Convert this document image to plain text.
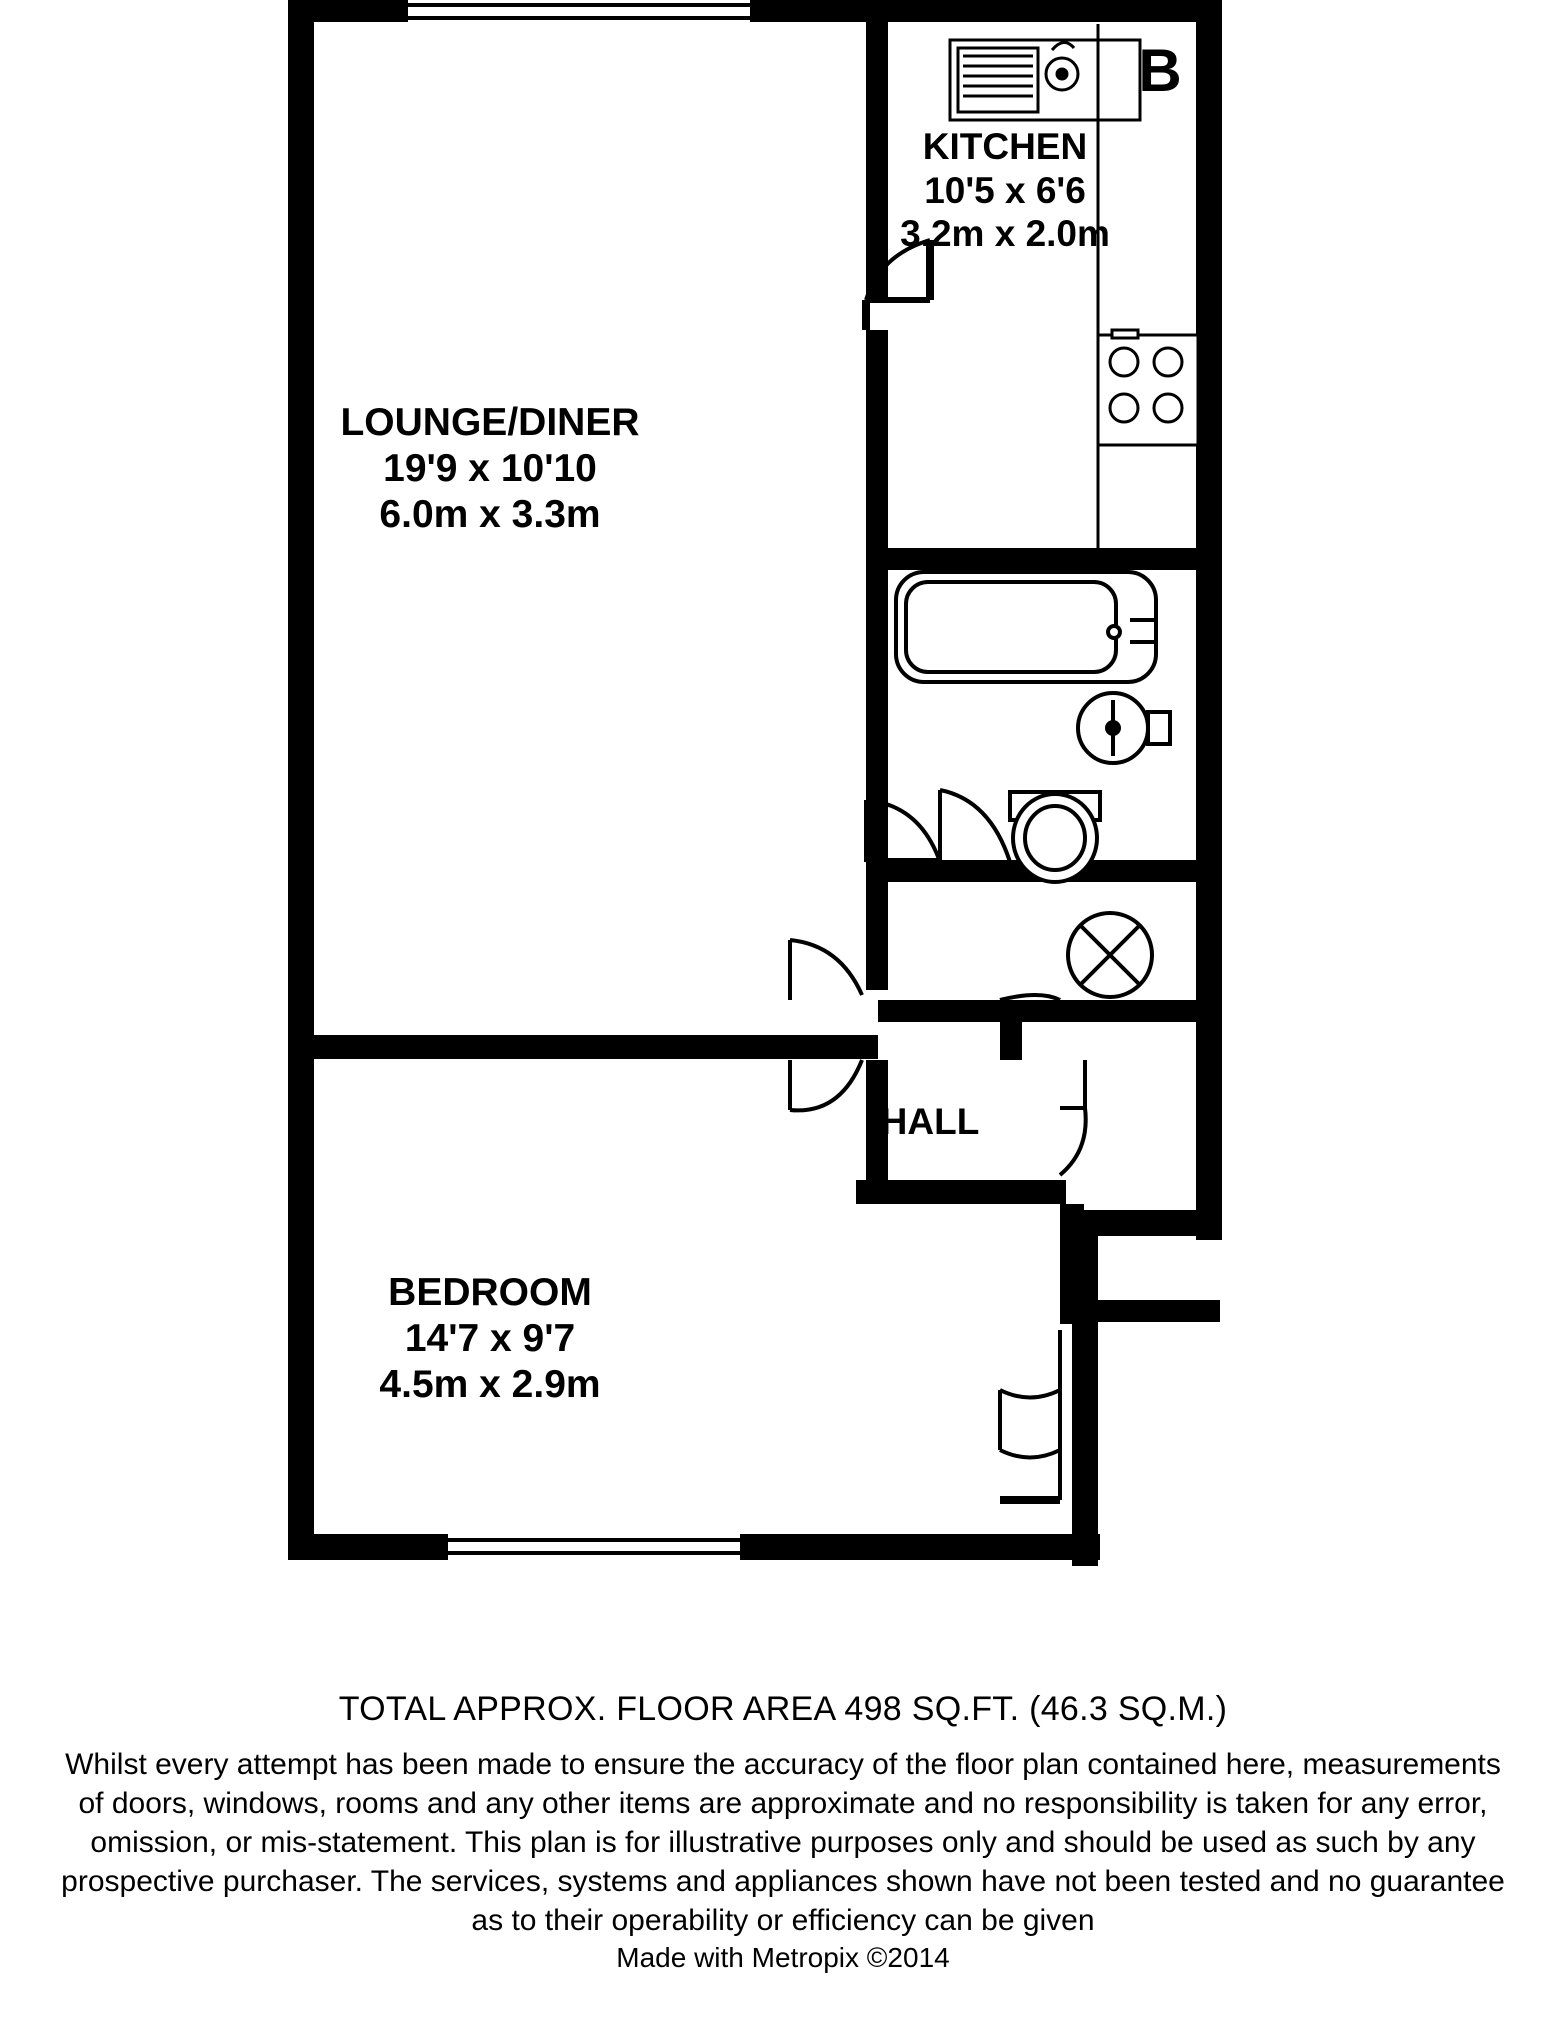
B
LOUNGE/DINER
19'9 x 10'10
6.0m x 3.3m
KITCHEN
10'5 x 6'6
3.2m x 2.0m
BEDROOM
14'7 x 9'7
4.5m x 2.9m
HALL
TOTAL APPROX. FLOOR AREA 498 SQ.FT. (46.3 SQ.M.)
Whilst every attempt has been made to ensure the accuracy of the floor plan contained here, measurements
of doors, windows, rooms and any other items are approximate and no responsibility is taken for any error,
omission, or mis-statement. This plan is for illustrative purposes only and should be used as such by any
prospective purchaser. The services, systems and appliances shown have not been tested and no guarantee
as to their operability or efficiency can be given
Made with Metropix ©2014
